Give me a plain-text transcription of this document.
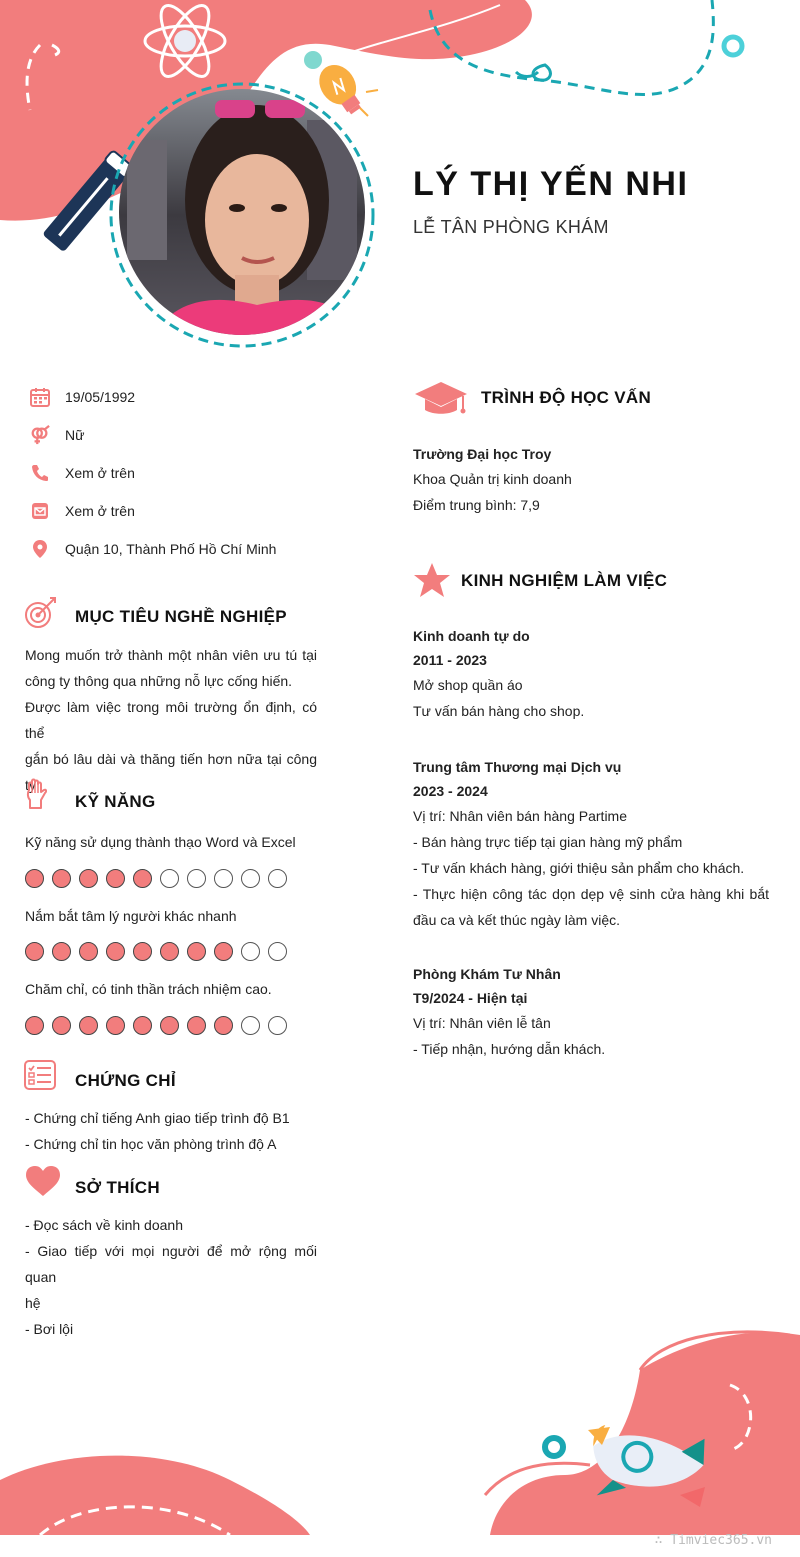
LÝ THỊ YẾN NHI
LỄ TÂN PHÒNG KHÁM
19/05/1992
Nữ
Xem ở trên
Xem ở trên
Quận 10, Thành Phố Hồ Chí Minh
MỤC TIÊU NGHỀ NGHIỆP
Mong muốn trở thành một nhân viên ưu tú tại
công ty thông qua những nỗ lực cống hiến.
Được làm việc trong môi trường ổn định, có thể
gắn bó lâu dài và thăng tiến hơn nữa tại công
ty
KỸ NĂNG
Kỹ năng sử dụng thành thạo Word và Excel
Nắm bắt tâm lý người khác nhanh
Chăm chỉ, có tinh thần trách nhiệm cao.
CHỨNG CHỈ
- Chứng chỉ tiếng Anh giao tiếp trình độ B1
- Chứng chỉ tin học văn phòng trình độ A
SỞ THÍCH
- Đọc sách về kinh doanh
- Giao tiếp với mọi người để mở rộng mối quan
hệ
- Bơi lội
TRÌNH ĐỘ HỌC VẤN
Trường Đại học Troy
Khoa Quản trị kinh doanh
Điểm trung bình: 7,9
KINH NGHIỆM LÀM VIỆC
Kinh doanh tự do
2011 - 2023
Mở shop quần áo
Tư vấn bán hàng cho shop.
Trung tâm Thương mại Dịch vụ
2023 - 2024
Vị trí: Nhân viên bán hàng Partime
- Bán hàng trực tiếp tại gian hàng mỹ phẩm
- Tư vấn khách hàng, giới thiệu sản phẩm cho khách.
- Thực hiện công tác dọn dẹp vệ sinh cửa hàng khi bắt
đầu ca và kết thúc ngày làm việc.
Phòng Khám Tư Nhân
T9/2024 - Hiện tại
Vị trí: Nhân viên lễ tân
- Tiếp nhận, hướng dẫn khách.
∴ Timviec365.vn
